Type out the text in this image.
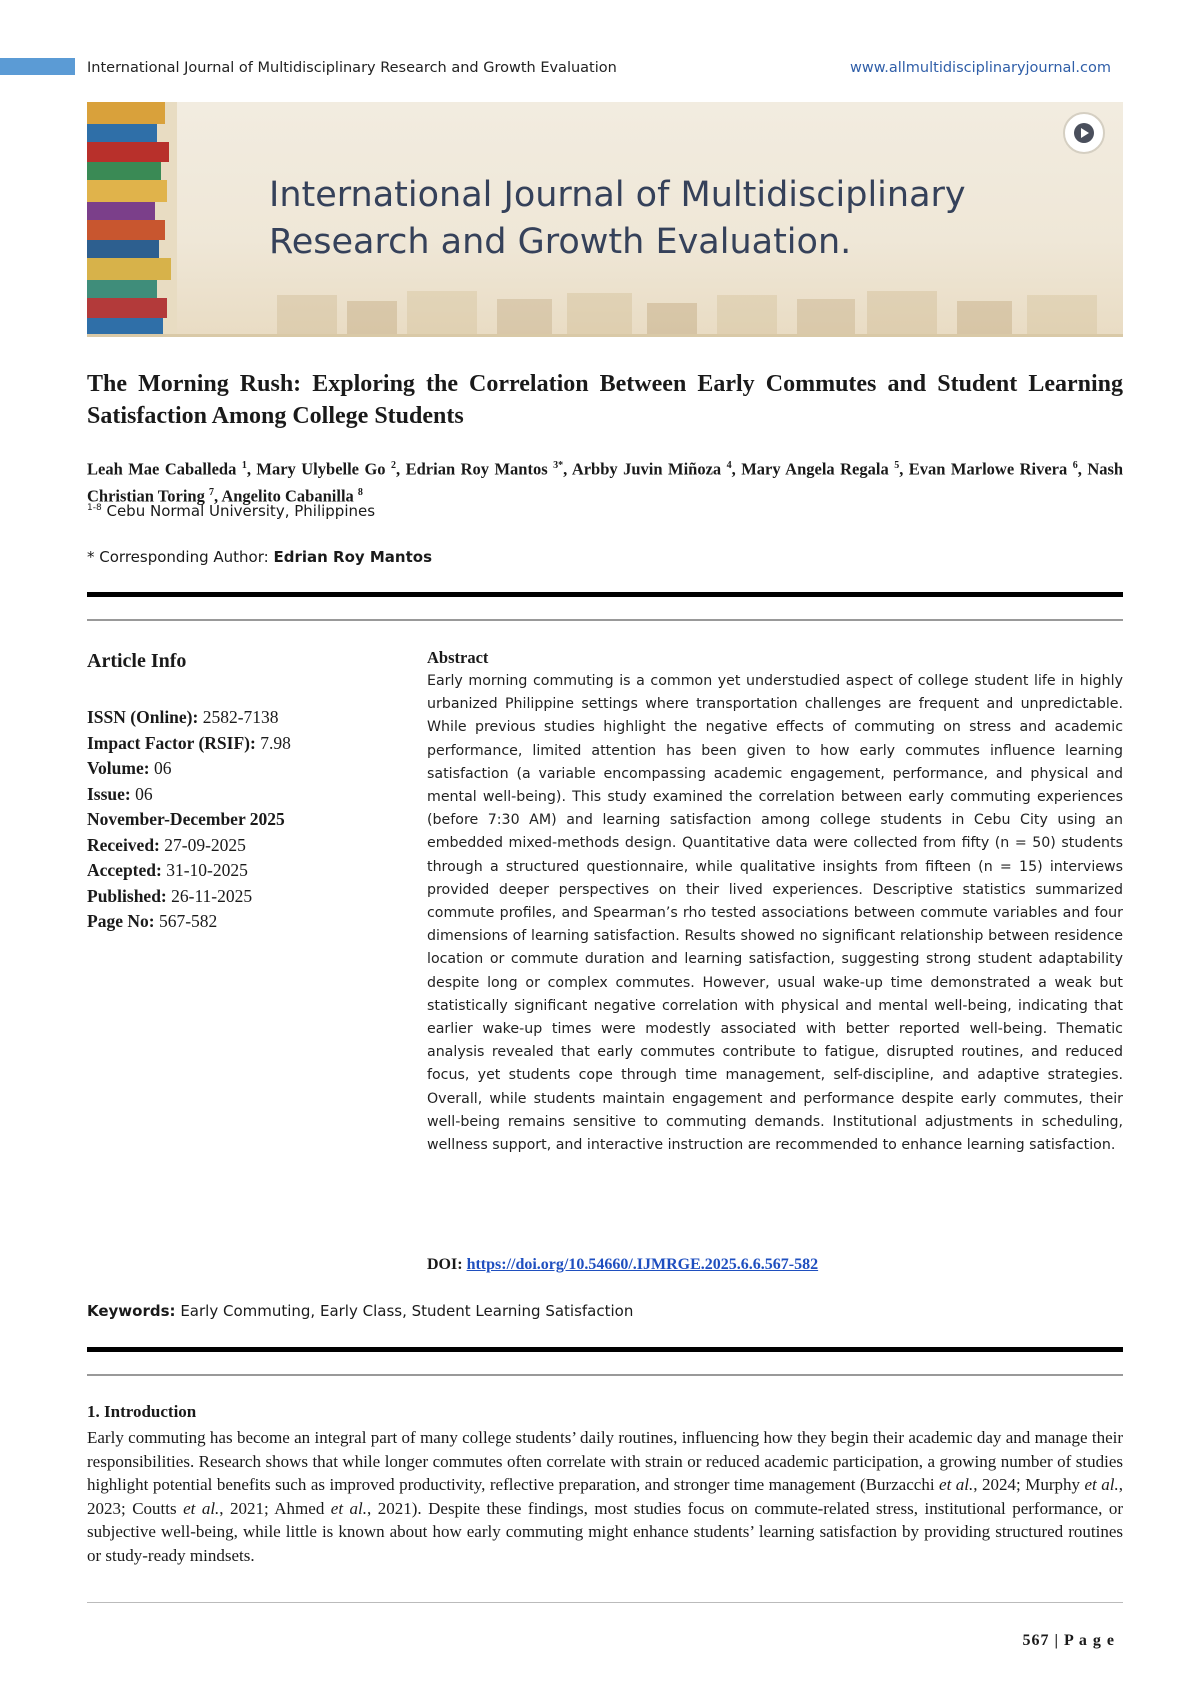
International Journal of Multidisciplinary Research and Growth Evaluation	www.allmultidisciplinaryjournal.com
International Journal of Multidisciplinary
Research and Growth Evaluation.
The Morning Rush: Exploring the Correlation Between Early Commutes and Student Learning Satisfaction Among College Students

Leah Mae Caballeda $^1$, Mary Ulybelle Go $^2$, Edrian Roy Mantos $^{3*}$, Arbby Juvin Miñoza $^4$, Mary Angela Regala $^5$, Evan Marlowe Rivera $^6$, Nash Christian Toring $^7$, Angelito Cabanilla $^8$

$^{1-8}$ Cebu Normal University, Philippines
* Corresponding Author: Edrian Roy Mantos
Article Info
ISSN (Online): 2582-7138
Impact Factor (RSIF): 7.98
Volume: 06
Issue: 06
November-December 2025
Received: 27-09-2025
Accepted: 31-10-2025
Published: 26-11-2025
Page No: 567-582
Abstract

Early morning commuting is a common yet understudied aspect of college student life in highly urbanized Philippine settings where transportation challenges are frequent and unpredictable. While previous studies highlight the negative effects of commuting on stress and academic performance, limited attention has been given to how early commutes influence learning satisfaction (a variable encompassing academic engagement, performance, and physical and mental well-being). This study examined the correlation between early commuting experiences (before 7:30 AM) and learning satisfaction among college students in Cebu City using an embedded mixed-methods design. Quantitative data were collected from fifty (n = 50) students through a structured questionnaire, while qualitative insights from fifteen (n = 15) interviews provided deeper perspectives on their lived experiences. Descriptive statistics summarized commute profiles, and Spearman’s rho tested associations between commute variables and four dimensions of learning satisfaction. Results showed no significant relationship between residence location or commute duration and learning satisfaction, suggesting strong student adaptability despite long or complex commutes. However, usual wake-up time demonstrated a weak but statistically significant negative correlation with physical and mental well-being, indicating that earlier wake-up times were modestly associated with better reported well-being. Thematic analysis revealed that early commutes contribute to fatigue, disrupted routines, and reduced focus, yet students cope through time management, self-discipline, and adaptive strategies. Overall, while students maintain engagement and performance despite early commutes, their well-being remains sensitive to commuting demands. Institutional adjustments in scheduling, wellness support, and interactive instruction are recommended to enhance learning satisfaction.

DOI: https://doi.org/10.54660/.IJMRGE.2025.6.6.567-582
Keywords: Early Commuting, Early Class, Student Learning Satisfaction
1. Introduction

Early commuting has become an integral part of many college students’ daily routines, influencing how they begin their academic day and manage their responsibilities. Research shows that while longer commutes often correlate with strain or reduced academic participation, a growing number of studies highlight potential benefits such as improved productivity, reflective preparation, and stronger time management (Burzacchi et al., 2024; Murphy et al., 2023; Coutts et al., 2021; Ahmed et al., 2021). Despite these findings, most studies focus on commute-related stress, institutional performance, or subjective well-being, while little is known about how early commuting might enhance students’ learning satisfaction by providing structured routines or study-ready mindsets.

567 | P a g e
